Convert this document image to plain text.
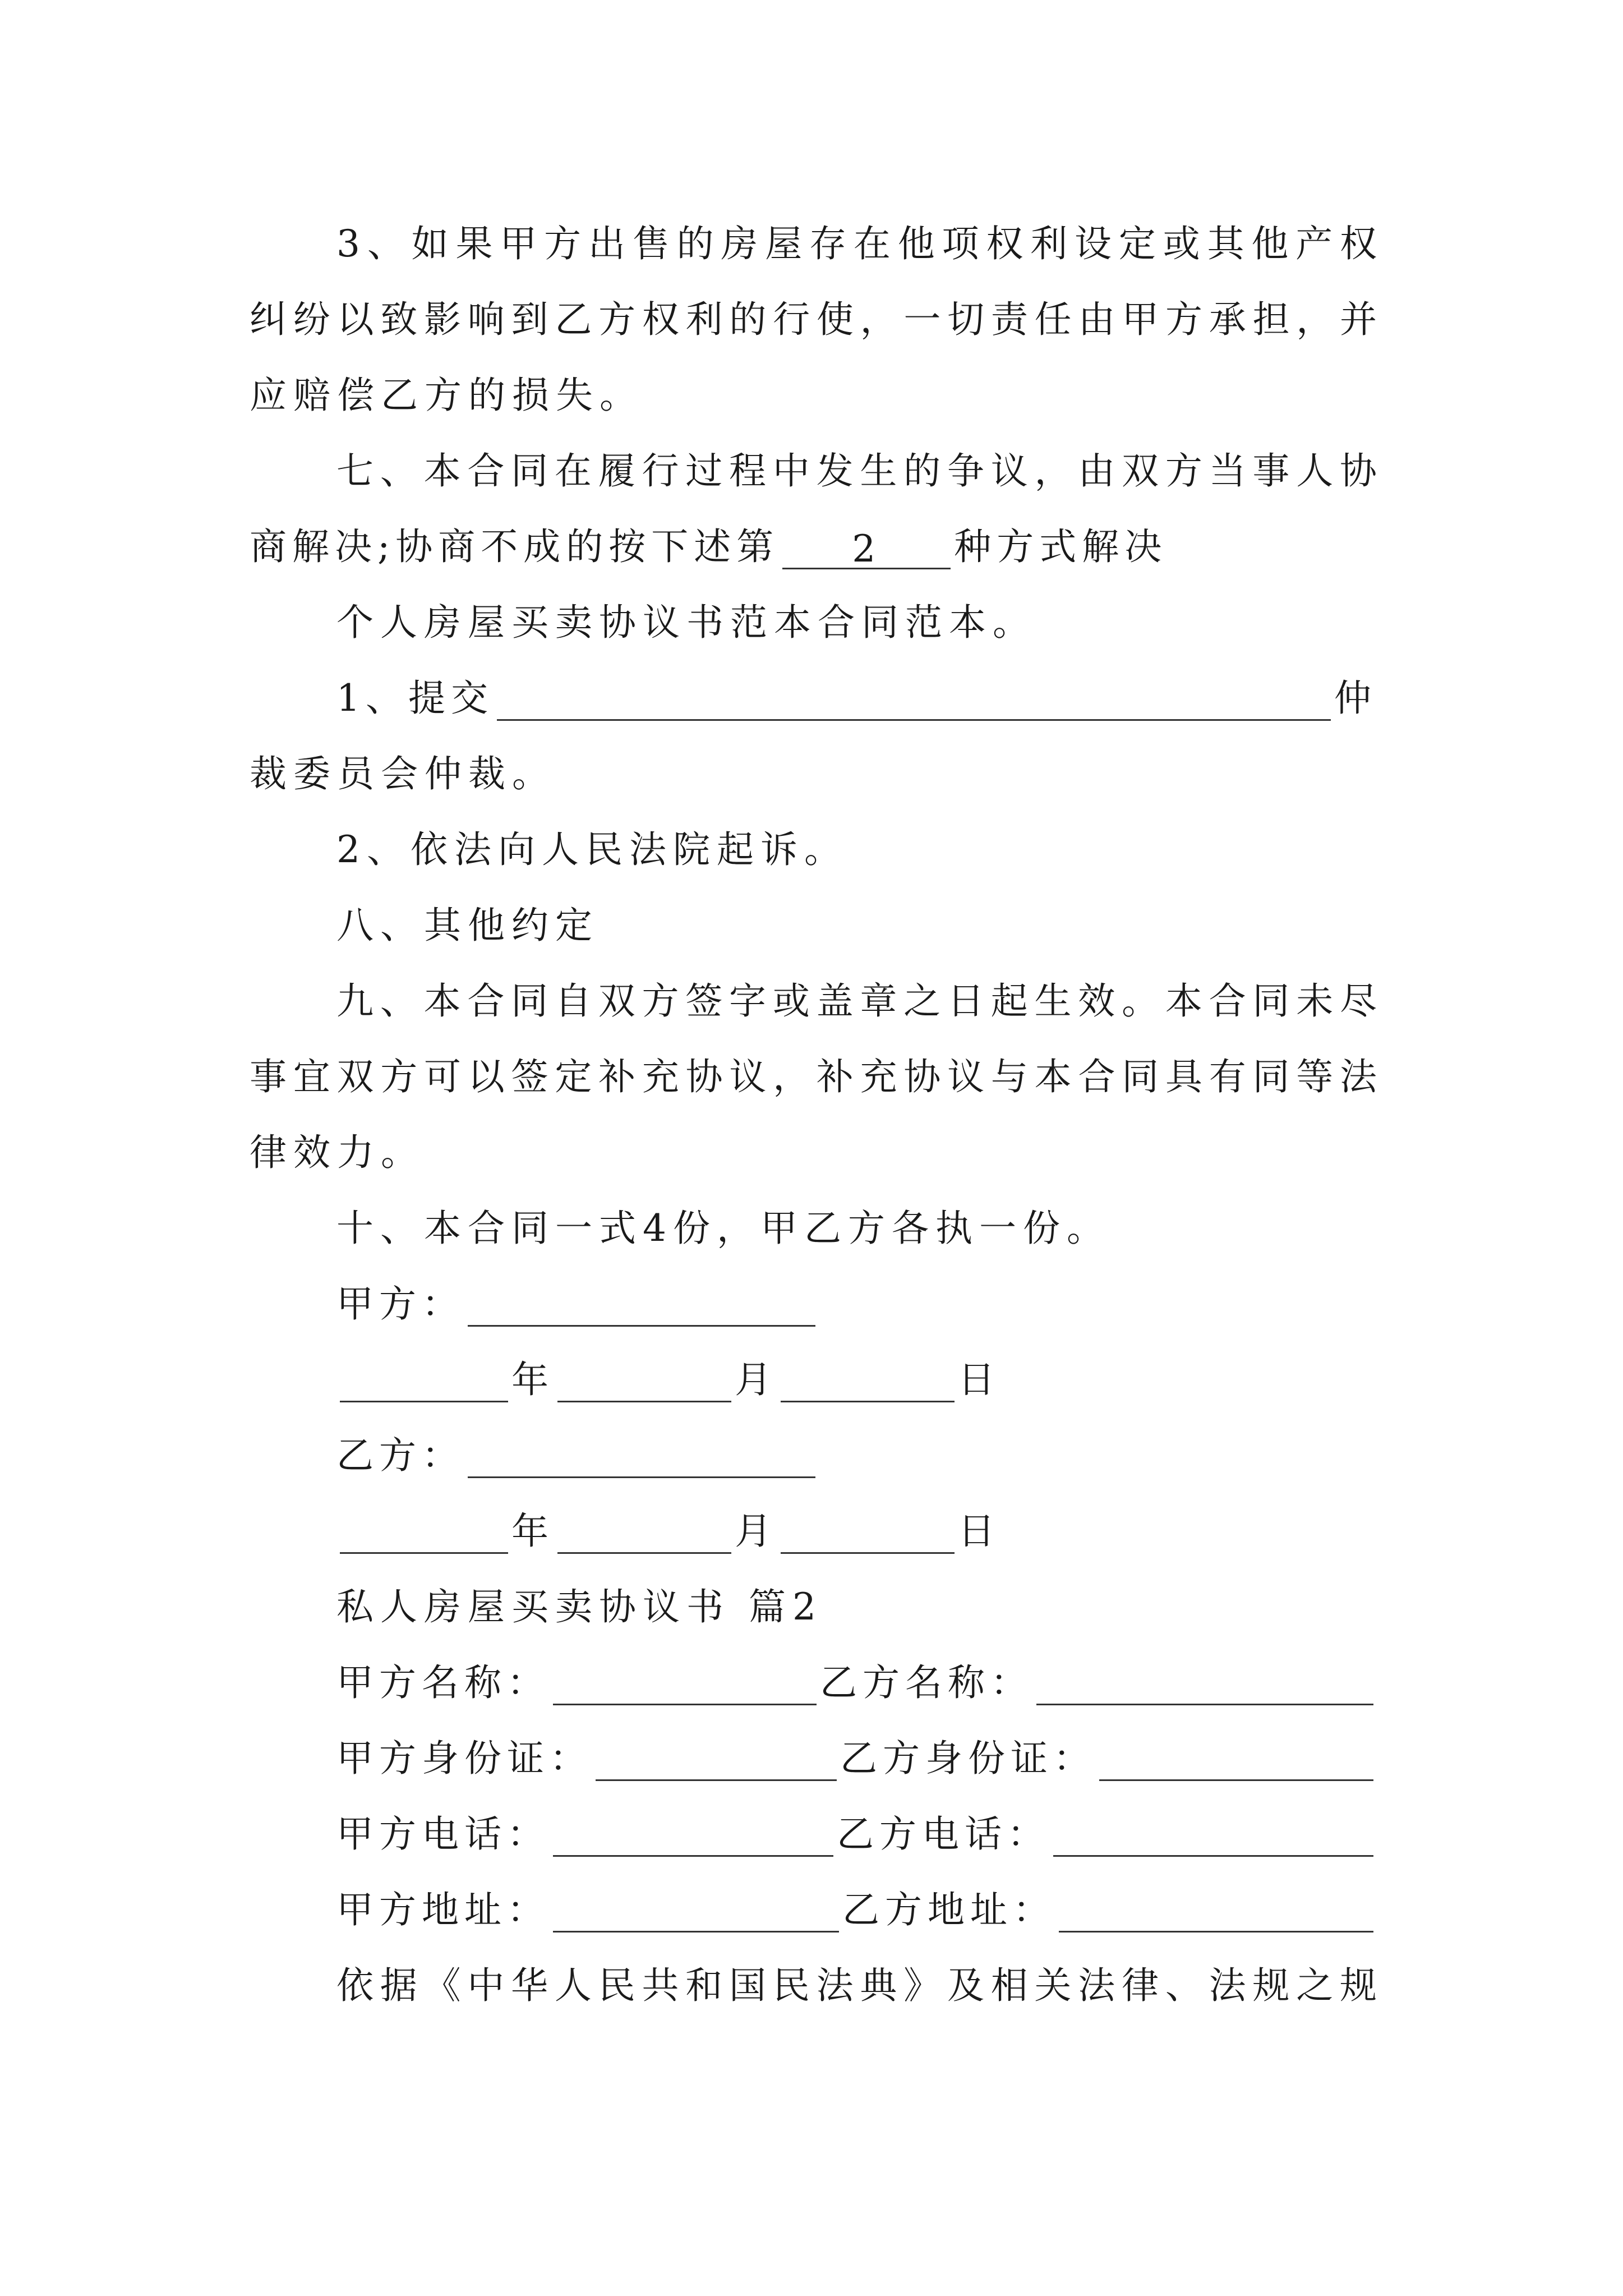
3、如果甲方出售的房屋存在他项权利设定或其他产权
纠纷以致影响到乙方权利的行使，一切责任由甲方承担，并
应赔偿乙方的损失。
七、本合同在履行过程中发生的争议，由双方当事人协
商解决;协商不成的按下述第	2	种方式解决
个人房屋买卖协议书范本合同范本。
1、提交	仲
裁委员会仲裁。
2、依法向人民法院起诉。
八、其他约定
九、本合同自双方签字或盖章之日起生效。本合同未尽
事宜双方可以签定补充协议，补充协议与本合同具有同等法
律效力。
十、本合同一式4份，甲乙方各执一份。
甲方：
年	月	日
乙方：
年	月	日
私人房屋买卖协议书 篇2
甲方名称：	乙方名称：
甲方身份证：	乙方身份证：
甲方电话：	乙方电话：
甲方地址：	乙方地址：
依据《中华人民共和国民法典》及相关法律、法规之规
